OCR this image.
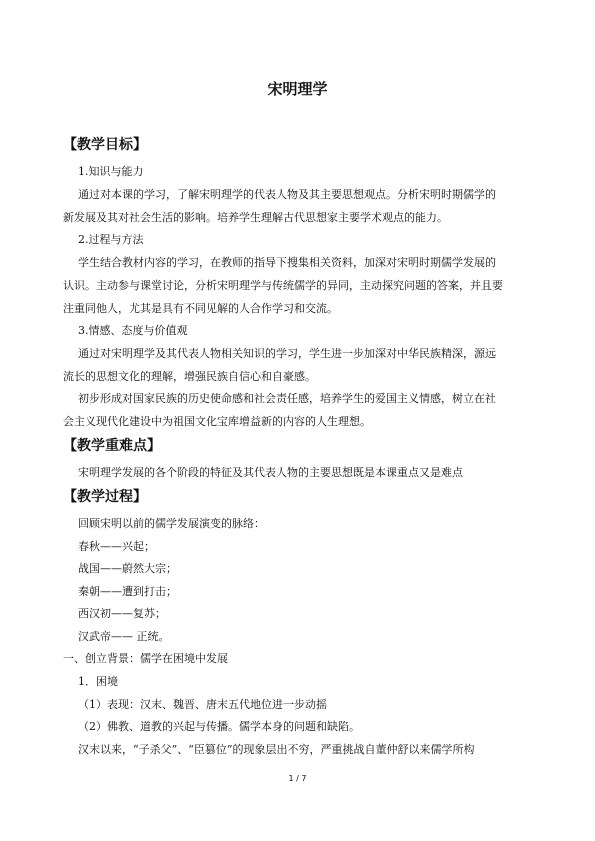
宋明理学
【教学目标】
1.知识与能力
通过对本课的学习，了解宋明理学的代表人物及其主要思想观点。分析宋明时期儒学的
新发展及其对社会生活的影响。培养学生理解古代思想家主要学术观点的能力。
2.过程与方法
学生结合教材内容的学习，在教师的指导下搜集相关资料，加深对宋明时期儒学发展的
认识。主动参与课堂讨论，分析宋明理学与传统儒学的异同，主动探究问题的答案，并且要
注重同他人，尤其是具有不同见解的人合作学习和交流。
3.情感、态度与价值观
通过对宋明理学及其代表人物相关知识的学习，学生进一步加深对中华民族精深，源远
流长的思想文化的理解，增强民族自信心和自豪感。
初步形成对国家民族的历史使命感和社会责任感，培养学生的爱国主义情感，树立在社
会主义现代化建设中为祖国文化宝库增益新的内容的人生理想。
【教学重难点】
宋明理学发展的各个阶段的特征及其代表人物的主要思想既是本课重点又是难点
【教学过程】
回顾宋明以前的儒学发展演变的脉络：
春秋——兴起；
战国——蔚然大宗；
秦朝——遭到打击；
西汉初——复苏；
汉武帝—— 正统。
一、创立背景：儒学在困境中发展
1．困境
（1）表现：汉末、魏晋、唐末五代地位进一步动摇
（2）佛教、道教的兴起与传播。儒学本身的问题和缺陷。
汉末以来，“子杀父”、“臣篡位”的现象层出不穷，严重挑战自董仲舒以来儒学所构
1 / 7
